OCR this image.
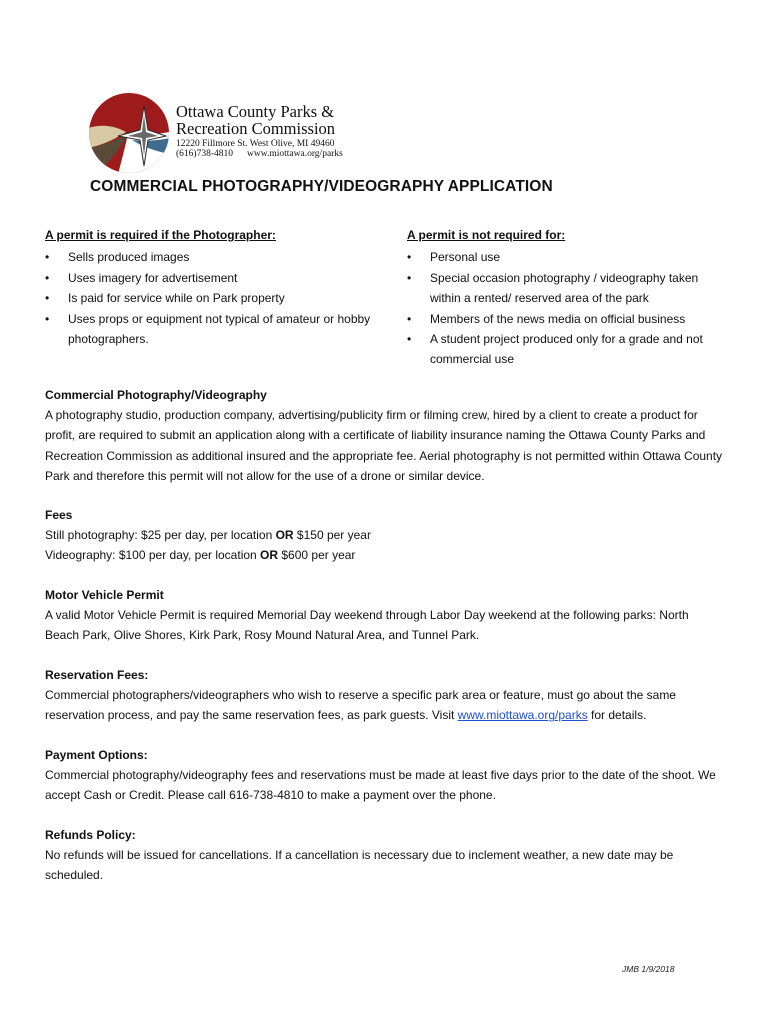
Ottawa County Parks &
Recreation Commission
12220 Fillmore St. West Olive, MI 49460
(616)738-4810 www.miottawa.org/parks
COMMERCIAL PHOTOGRAPHY/VIDEOGRAPHY APPLICATION
A permit is required if the Photographer:
• Sells produced images
• Uses imagery for advertisement
• Is paid for service while on Park property
• Uses props or equipment not typical of amateur or hobby photographers.
A permit is not required for:
• Personal use
• Special occasion photography / videography taken within a rented/ reserved area of the park
• Members of the news media on official business
• A student project produced only for a grade and not commercial use
Commercial Photography/Videography

A photography studio, production company, advertising/publicity firm or filming crew, hired by a client to create a product for profit, are required to submit an application along with a certificate of liability insurance naming the Ottawa County Parks and Recreation Commission as additional insured and the appropriate fee. Aerial photography is not permitted within Ottawa County Park and therefore this permit will not allow for the use of a drone or similar device.

Fees
Still photography: $25 per day, per location OR $150 per year
Videography: $100 per day, per location OR $600 per year
Motor Vehicle Permit

A valid Motor Vehicle Permit is required Memorial Day weekend through Labor Day weekend at the following parks: North Beach Park, Olive Shores, Kirk Park, Rosy Mound Natural Area, and Tunnel Park.

Reservation Fees:

Commercial photographers/videographers who wish to reserve a specific park area or feature, must go about the same reservation process, and pay the same reservation fees, as park guests. Visit www.miottawa.org/parks for details.

Payment Options:

Commercial photography/videography fees and reservations must be made at least five days prior to the date of the shoot. We accept Cash or Credit. Please call 616-738-4810 to make a payment over the phone.

Refunds Policy:

No refunds will be issued for cancellations. If a cancellation is necessary due to inclement weather, a new date may be scheduled.

JMB 1/9/2018
